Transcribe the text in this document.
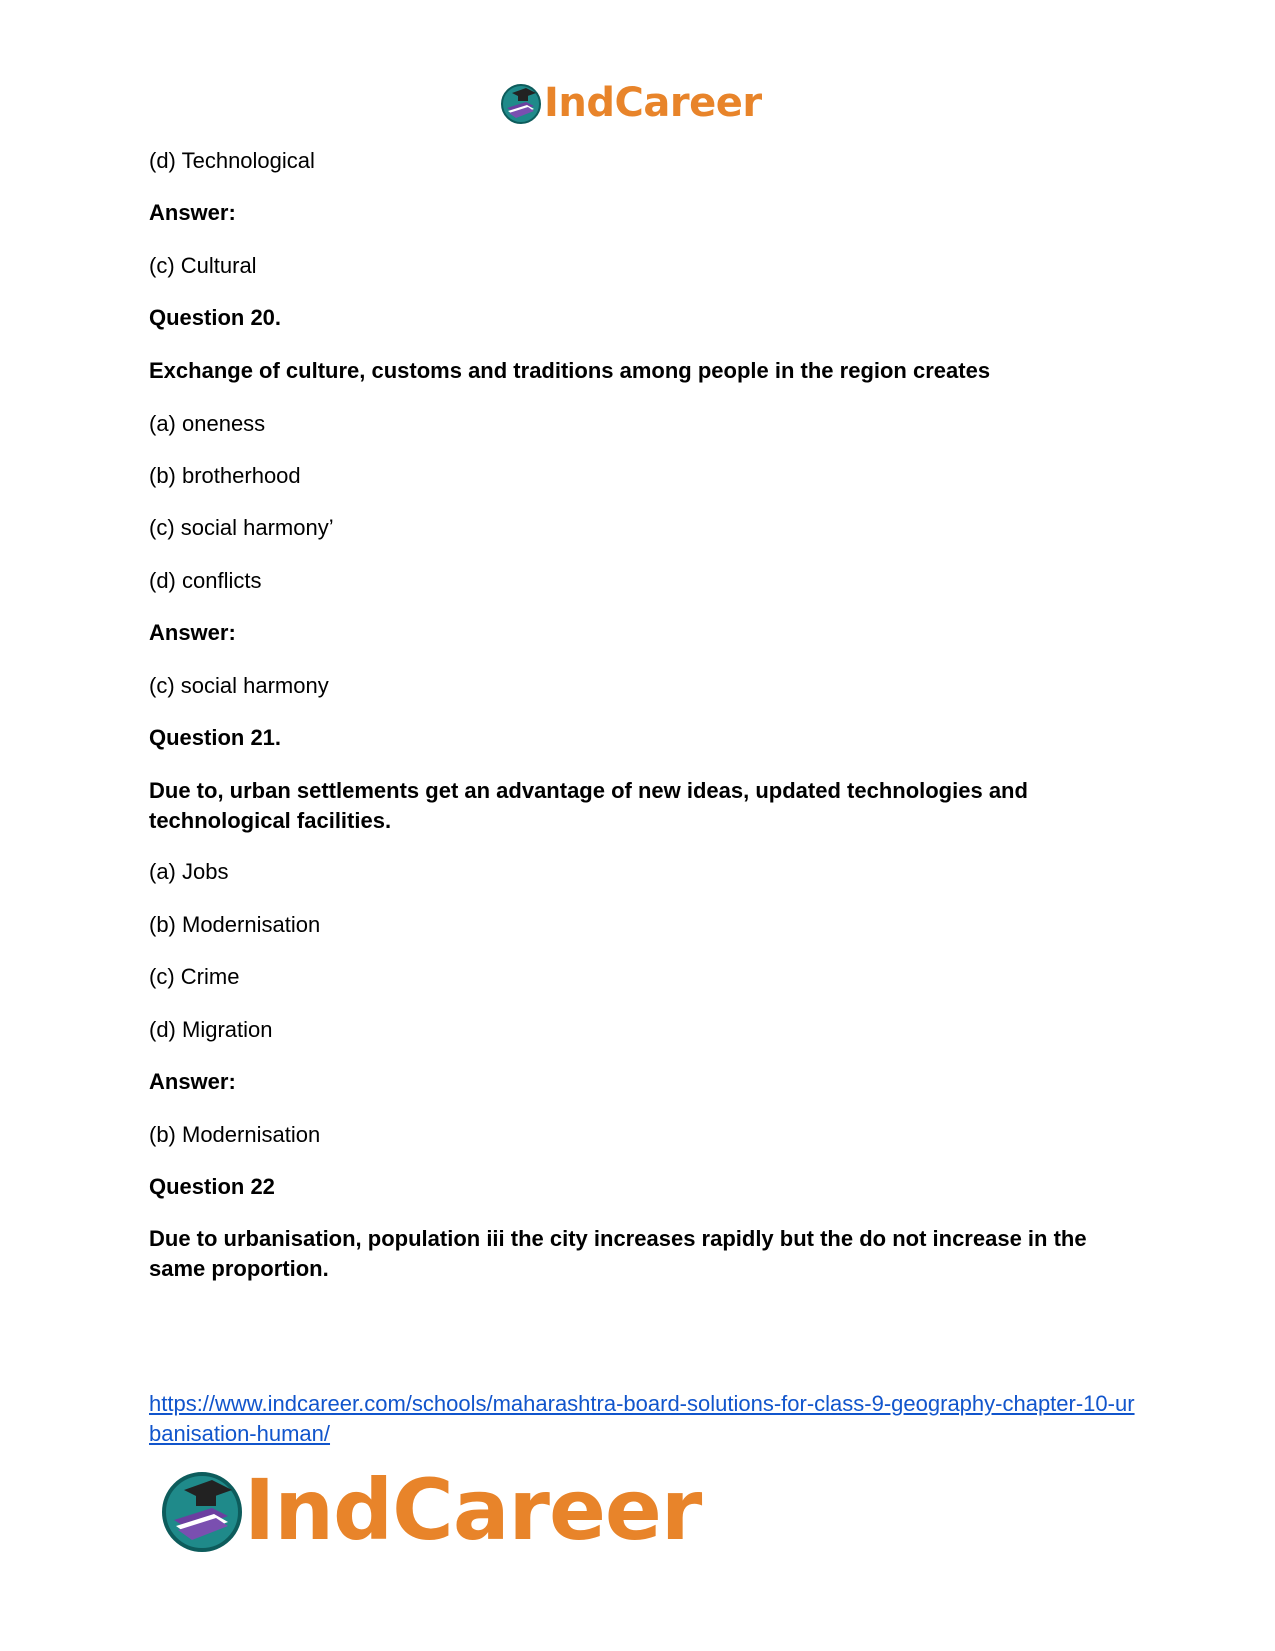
IndCareer
(d) Technological
Answer:
(c) Cultural
Question 20.
Exchange of culture, customs and traditions among people in the region creates
(a) oneness
(b) brotherhood
(c) social harmony’
(d) conflicts
Answer:
(c) social harmony
Question 21.
Due to, urban settlements get an advantage of new ideas, updated technologies and technological facilities.
(a) Jobs
(b) Modernisation
(c) Crime
(d) Migration
Answer:
(b) Modernisation
Question 22
Due to urbanisation, population iii the city increases rapidly but the do not increase in the same proportion.
https://www.indcareer.com/schools/maharashtra-board-solutions-for-class-9-geography-chapter-10-urbanisation-human/
IndCareer
